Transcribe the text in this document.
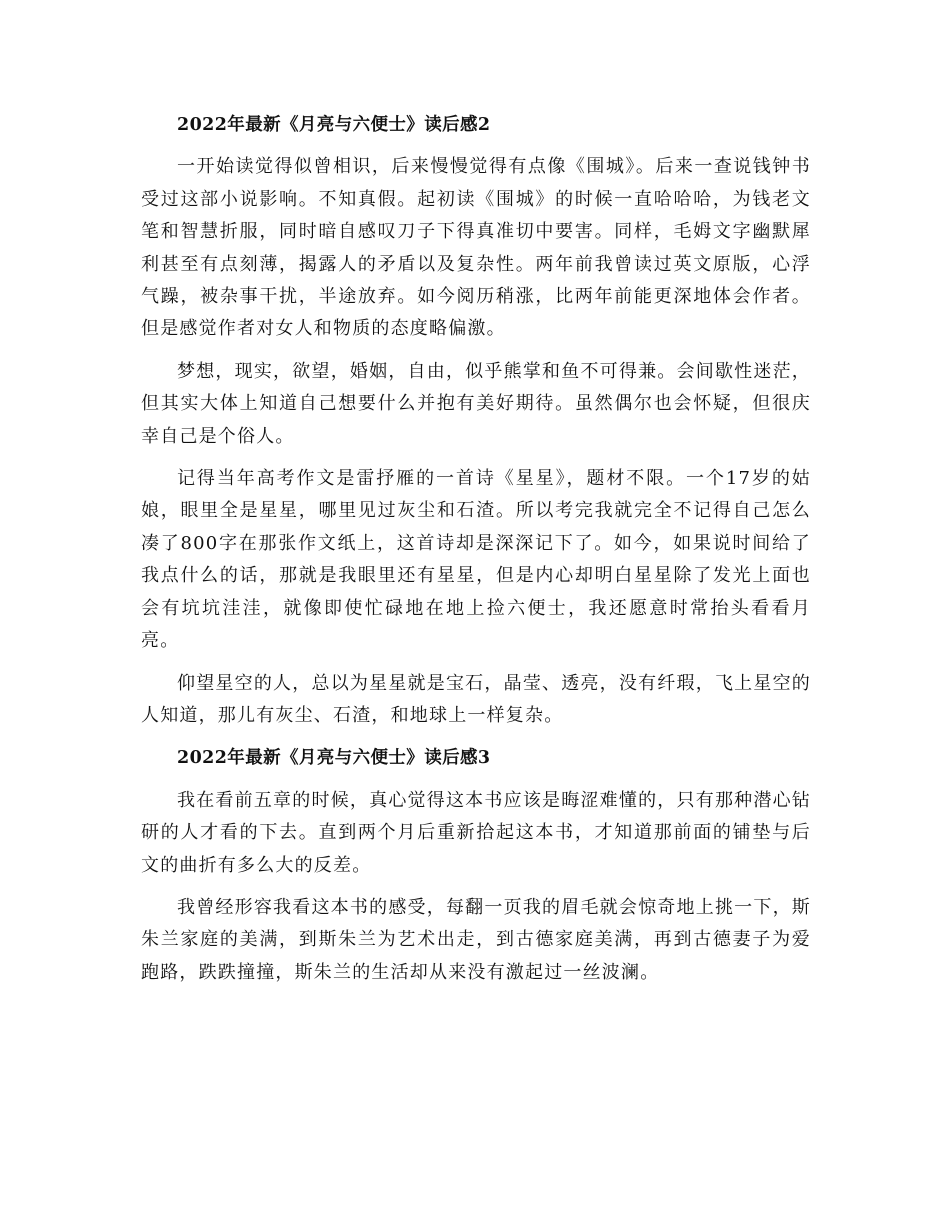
2022年最新《月亮与六便士》读后感2

一开始读觉得似曾相识，后来慢慢觉得有点像《围城》。后来一查说钱钟书受过这部小说影响。不知真假。起初读《围城》的时候一直哈哈哈，为钱老文笔和智慧折服，同时暗自感叹刀子下得真准切中要害。同样，毛姆文字幽默犀利甚至有点刻薄，揭露人的矛盾以及复杂性。两年前我曾读过英文原版，心浮气躁，被杂事干扰，半途放弃。如今阅历稍涨，比两年前能更深地体会作者。但是感觉作者对女人和物质的态度略偏激。

梦想，现实，欲望，婚姻，自由，似乎熊掌和鱼不可得兼。会间歇性迷茫，但其实大体上知道自己想要什么并抱有美好期待。虽然偶尔也会怀疑，但很庆幸自己是个俗人。

记得当年高考作文是雷抒雁的一首诗《星星》，题材不限。一个17岁的姑娘，眼里全是星星，哪里见过灰尘和石渣。所以考完我就完全不记得自己怎么凑了800字在那张作文纸上，这首诗却是深深记下了。如今，如果说时间给了我点什么的话，那就是我眼里还有星星，但是内心却明白星星除了发光上面也会有坑坑洼洼，就像即使忙碌地在地上捡六便士，我还愿意时常抬头看看月亮。

仰望星空的人，总以为星星就是宝石，晶莹、透亮，没有纤瑕，飞上星空的人知道，那儿有灰尘、石渣，和地球上一样复杂。

2022年最新《月亮与六便士》读后感3

我在看前五章的时候，真心觉得这本书应该是晦涩难懂的，只有那种潜心钻研的人才看的下去。直到两个月后重新拾起这本书，才知道那前面的铺垫与后文的曲折有多么大的反差。

我曾经形容我看这本书的感受，每翻一页我的眉毛就会惊奇地上挑一下，斯朱兰家庭的美满，到斯朱兰为艺术出走，到古德家庭美满，再到古德妻子为爱跑路，跌跌撞撞，斯朱兰的生活却从来没有激起过一丝波澜。
